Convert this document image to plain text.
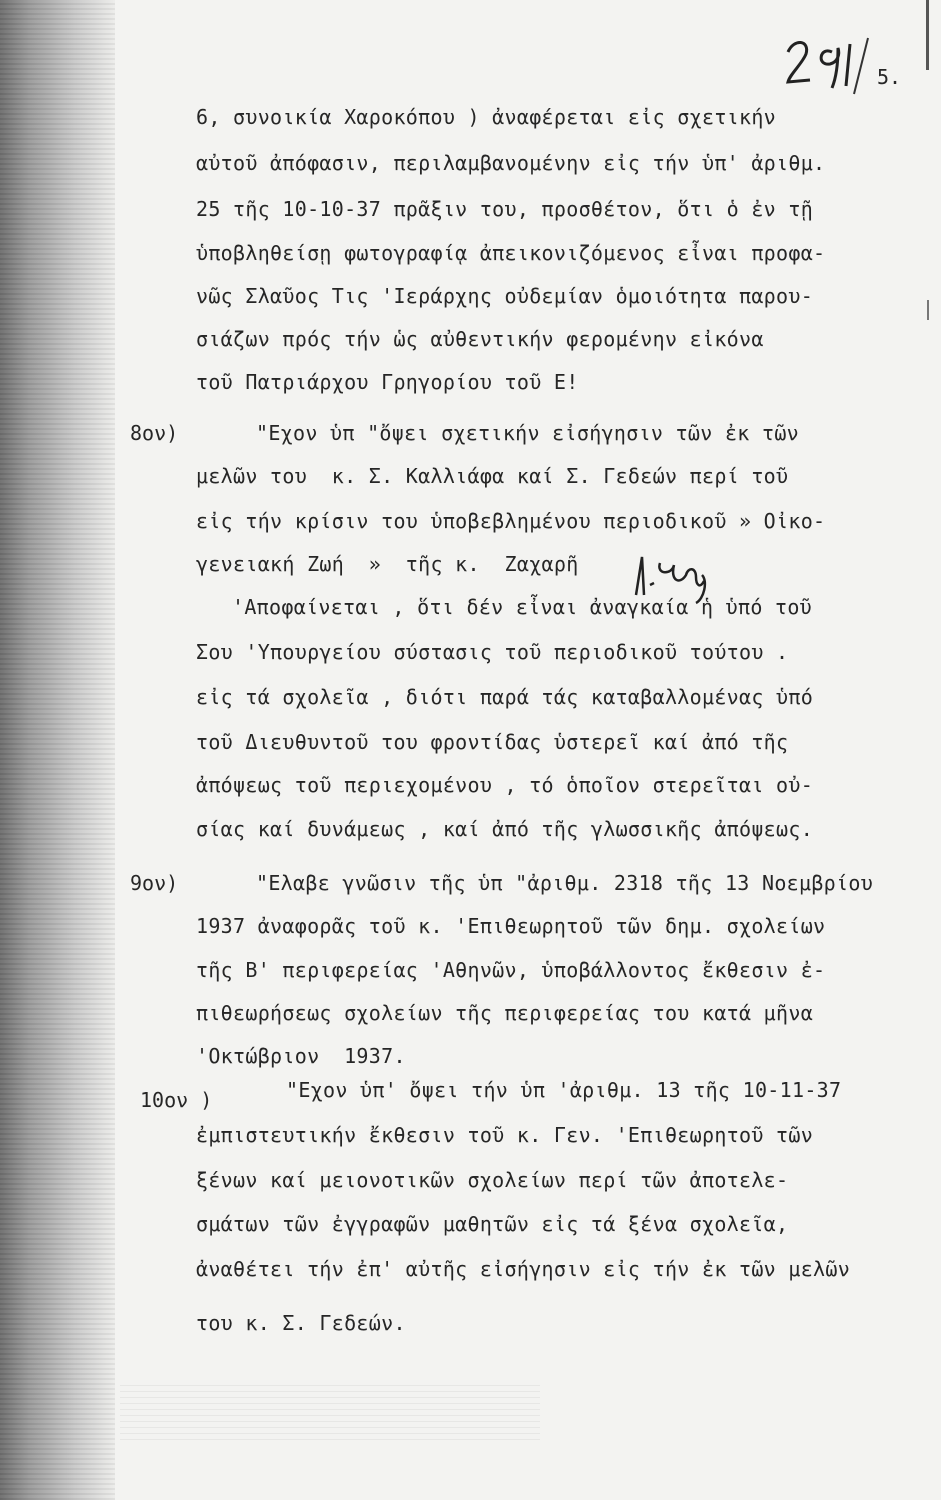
5.
6, συνοικία Χαροκόπου ) ἀναφέρεται εἰς σχετικήν
αὐτοῦ ἀπόφασιν, περιλαμβανομένην εἰς τήν ὑπ' ἀριθμ.
25 τῆς 10-10-37 πρᾶξιν του, προσθέτον, ὅτι ὁ ἐν τῇ
ὑποβληθείσῃ φωτογραφίᾳ ἀπεικονιζόμενος εἶναι προφα-
νῶς Σλαῦος Τις 'Ιεράρχης οὐδεμίαν ὁμοιότητα παρου-
σιάζων πρός τήν ὡς αὐθεντικήν φερομένην εἰκόνα
τοῦ Πατριάρχου Γρηγορίου τοῦ Ε!
8ον)	"Εχον ὑπ "ὄψει σχετικήν εἰσήγησιν τῶν ἐκ τῶν
μελῶν του  κ. Σ. Καλλιάφα καί Σ. Γεδεών περί τοῦ
εἰς τήν κρίσιν του ὑποβεβλημένου περιοδικοῦ » Οἰκο-
γενειακή Ζωή  »  τῆς κ.  Ζαχαρῆ
'Αποφαίνεται , ὅτι δέν εἶναι ἀναγκαία ἡ ὑπό τοῦ
Σου 'Υπουργείου σύστασις τοῦ περιοδικοῦ τούτου .
εἰς τά σχολεῖα , διότι παρά τάς καταβαλλομένας ὑπό
τοῦ Διευθυντοῦ του φροντίδας ὑστερεῖ καί ἀπό τῆς
ἀπόψεως τοῦ περιεχομένου , τό ὁποῖον στερεῖται οὐ-
σίας καί δυνάμεως , καί ἀπό τῆς γλωσσικῆς ἀπόψεως.
9ον)	"Ελαβε γνῶσιν τῆς ὑπ "ἀριθμ. 2318 τῆς 13 Νοεμβρίου
1937 ἀναφορᾶς τοῦ κ. 'Επιθεωρητοῦ τῶν δημ. σχολείων
τῆς Β' περιφερείας 'Αθηνῶν, ὑποβάλλοντος ἔκθεσιν ἐ-
πιθεωρήσεως σχολείων τῆς περιφερείας του κατά μῆνα
'Οκτώβριον  1937.
10ον )	"Εχον ὑπ' ὄψει τήν ὑπ 'ἀριθμ. 13 τῆς 10-11-37
ἐμπιστευτικήν ἔκθεσιν τοῦ κ. Γεν. 'Επιθεωρητοῦ τῶν
ξένων καί μειονοτικῶν σχολείων περί τῶν ἀποτελε-
σμάτων τῶν ἐγγραφῶν μαθητῶν εἰς τά ξένα σχολεῖα,
ἀναθέτει τήν ἐπ' αὐτῆς εἰσήγησιν εἰς τήν ἐκ τῶν μελῶν
του κ. Σ. Γεδεών.
